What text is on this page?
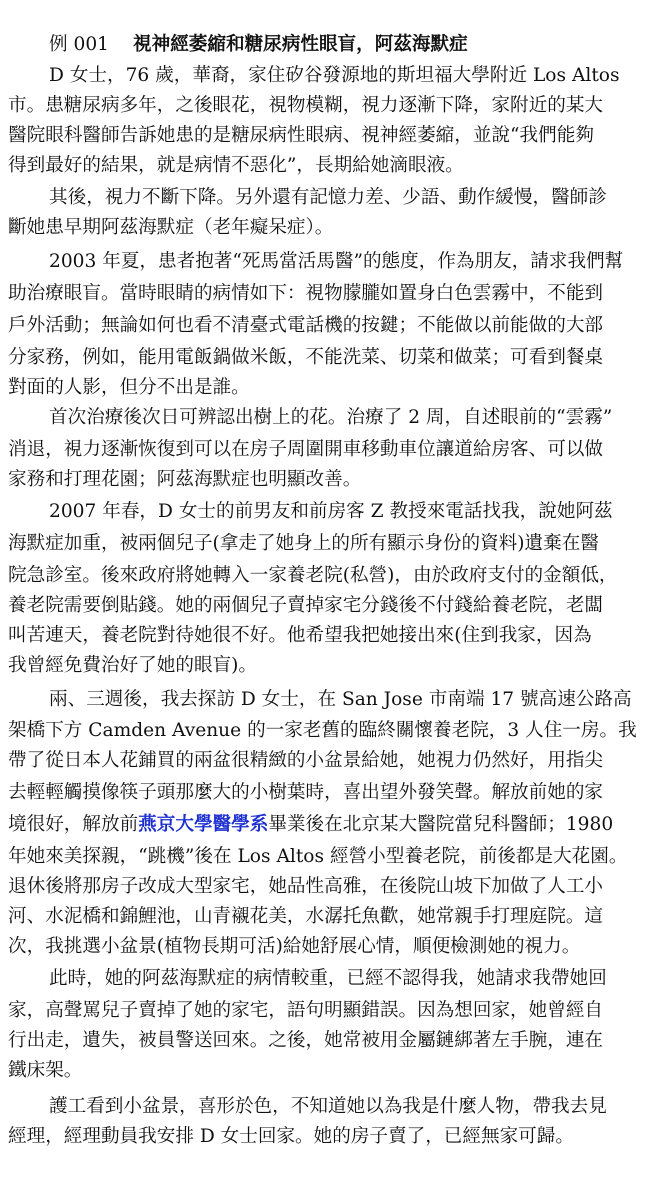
例 001 視神經萎縮和糖尿病性眼盲，阿茲海默症
D 女士，76 歲，華裔，家住矽谷發源地的斯坦福大學附近 Los Altos
市。患糖尿病多年，之後眼花，視物模糊，視力逐漸下降，家附近的某大
醫院眼科醫師告訴她患的是糖尿病性眼病、視神經萎縮，並說“我們能夠
得到最好的結果，就是病情不惡化”，長期給她滴眼液。
其後，視力不斷下降。另外還有記憶力差、少語、動作緩慢，醫師診
斷她患早期阿茲海默症（老年癡呆症）。
2003 年夏，患者抱著“死馬當活馬醫”的態度，作為朋友，請求我們幫
助治療眼盲。當時眼睛的病情如下：視物朦朧如置身白色雲霧中，不能到
戶外活動；無論如何也看不清臺式電話機的按鍵；不能做以前能做的大部
分家務，例如，能用電飯鍋做米飯，不能洗菜、切菜和做菜；可看到餐桌
對面的人影，但分不出是誰。
首次治療後次日可辨認出樹上的花。治療了 2 周，自述眼前的“雲霧”
消退，視力逐漸恢復到可以在房子周圍開車移動車位讓道給房客、可以做
家務和打理花園；阿茲海默症也明顯改善。
2007 年春，D 女士的前男友和前房客 Z 教授來電話找我，說她阿茲
海默症加重，被兩個兒子(拿走了她身上的所有顯示身份的資料)遺棄在醫
院急診室。後來政府將她轉入一家養老院(私營)，由於政府支付的金額低，
養老院需要倒貼錢。她的兩個兒子賣掉家宅分錢後不付錢給養老院，老闆
叫苦連天，養老院對待她很不好。他希望我把她接出來(住到我家，因為
我曾經免費治好了她的眼盲)。
兩、三週後，我去探訪 D 女士，在 San Jose 市南端 17 號高速公路高
架橋下方 Camden Avenue 的一家老舊的臨終關懷養老院，3 人住一房。我
帶了從日本人花鋪買的兩盆很精緻的小盆景給她，她視力仍然好，用指尖
去輕輕觸摸像筷子頭那麼大的小樹葉時，喜出望外發笑聲。解放前她的家
境很好，解放前燕京大學醫學系畢業後在北京某大醫院當兒科醫師；1980
年她來美探親，“跳機”後在 Los Altos 經營小型養老院，前後都是大花園。
退休後將那房子改成大型家宅，她品性高雅，在後院山坡下加做了人工小
河、水泥橋和錦鯉池，山青襯花美，水潺托魚歡，她常親手打理庭院。這
次，我挑選小盆景(植物長期可活)給她舒展心情，順便檢測她的視力。
此時，她的阿茲海默症的病情較重，已經不認得我，她請求我帶她回
家，高聲罵兒子賣掉了她的家宅，語句明顯錯誤。因為想回家，她曾經自
行出走，遺失，被員警送回來。之後，她常被用金屬鏈綁著左手腕，連在
鐵床架。
護工看到小盆景，喜形於色，不知道她以為我是什麼人物，帶我去見
經理，經理動員我安排 D 女士回家。她的房子賣了，已經無家可歸。
